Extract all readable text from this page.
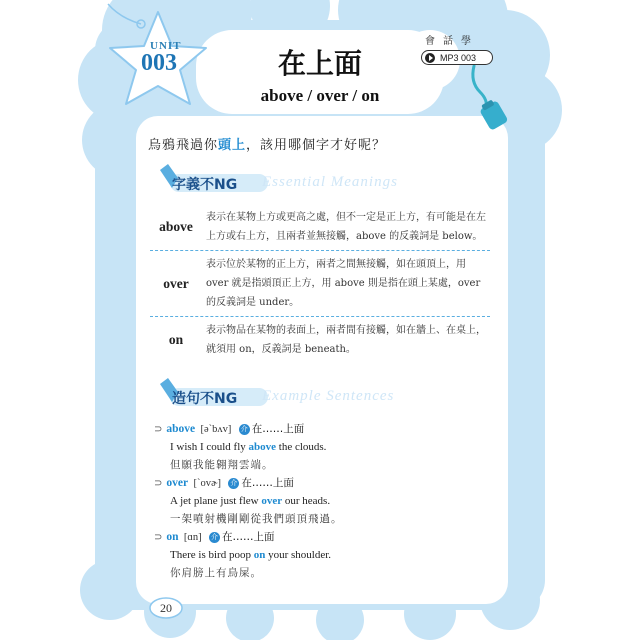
UNIT
003	在上面
above / over / on
會 話 學
MP3 003
烏鴉飛過你頭上，該用哪個字才好呢？
字義不NG Essential Meanings
above
表示在某物上方或更高之處，但不一定是正上方，有可能是在左上方或右上方，且兩者並無接觸，above 的反義詞是 below。
over
表示位於某物的正上方，兩者之間無接觸，如在頭頂上，用 over 就是指頭頂正上方，用 above 則是指在頭上某處，over 的反義詞是 under。
on
表示物品在某物的表面上，兩者間有接觸，如在牆上、在桌上，就須用 on，反義詞是 beneath。
造句不NG Example Sentences
⊃ above [əˋbʌv] 介 在……上面
I wish I could fly above the clouds.
但願我能翱翔雲端。
⊃ over [ˋovɚ] 介 在……上面
A jet plane just flew over our heads.
一架噴射機剛剛從我們頭頂飛過。
⊃ on [ɑn] 介 在……上面
There is bird poop on your shoulder.
你肩膀上有鳥屎。
20
